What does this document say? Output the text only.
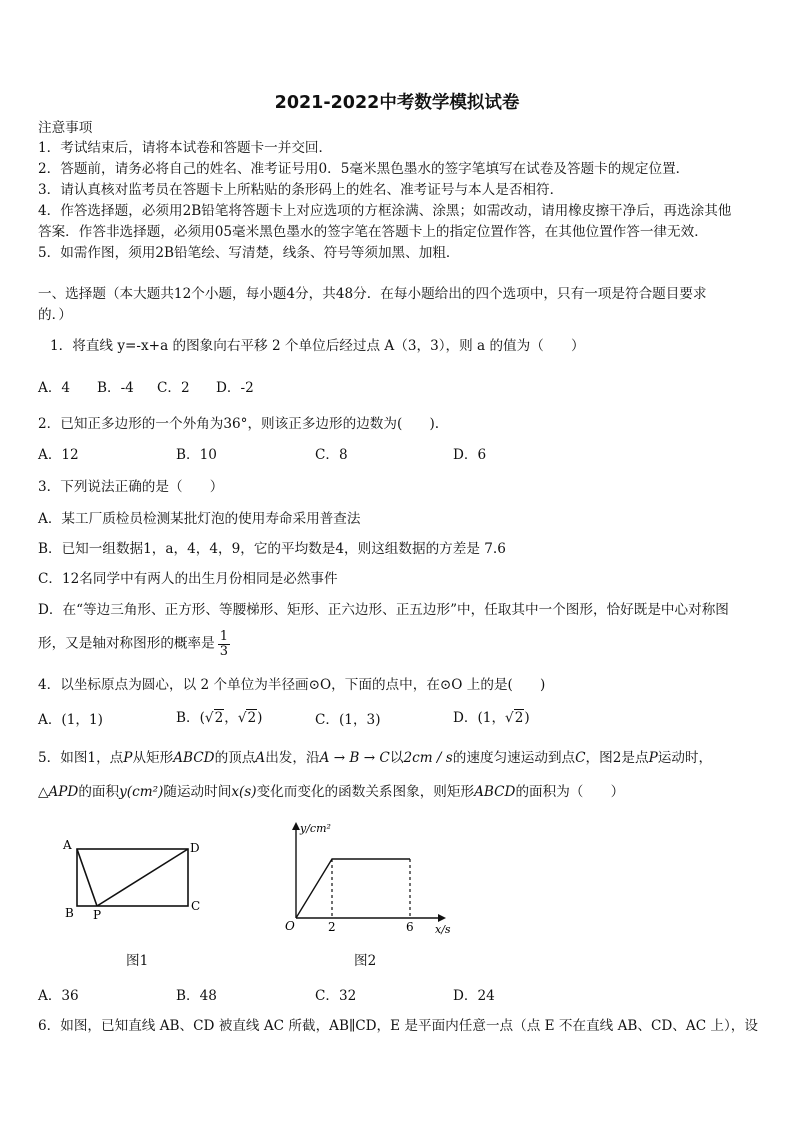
2021-2022中考数学模拟试卷
注意事项
1．考试结束后，请将本试卷和答题卡一并交回．
2．答题前，请务必将自己的姓名、准考证号用0．5毫米黑色墨水的签字笔填写在试卷及答题卡的规定位置．
3．请认真核对监考员在答题卡上所粘贴的条形码上的姓名、准考证号与本人是否相符．
4．作答选择题，必须用2B铅笔将答题卡上对应选项的方框涂满、涂黑；如需改动，请用橡皮擦干净后，再选涂其他
答案．作答非选择题，必须用05毫米黑色墨水的签字笔在答题卡上的指定位置作答，在其他位置作答一律无效．
5．如需作图，须用2B铅笔绘、写清楚，线条、符号等须加黑、加粗．
一、选择题（本大题共12个小题，每小题4分，共48分．在每小题给出的四个选项中，只有一项是符合题目要求
的．）
1．将直线 y=-x+a 的图象向右平移 2 个单位后经过点 A（3，3），则 a 的值为（　　）
A．4 B．-4 C．2 D．-2
2．已知正多边形的一个外角为36°，则该正多边形的边数为(　　).
A．12	B．10	C．8	D．6
3．下列说法正确的是（　　）
A．某工厂质检员检测某批灯泡的使用寿命采用普查法
B．已知一组数据1，a，4，4，9，它的平均数是4，则这组数据的方差是 7.6
C．12名同学中有两人的出生月份相同是必然事件
D．在“等边三角形、正方形、等腰梯形、矩形、正六边形、正五边形”中，任取其中一个图形，恰好既是中心对称图
形，又是轴对称图形的概率是 $\frac{1}{3}$
4．以坐标原点为圆心，以 2 个单位为半径画⊙O，下面的点中，在⊙O 上的是(　　)
A．(1，1)	B．(√2，√2)	C．(1，3)	D．(1，√2)
5．如图1，点P从矩形ABCD的顶点A出发，沿A → B → C以2cm / s的速度匀速运动到点C，图2是点P运动时，
△APD的面积y(cm²)随运动时间x(s)变化而变化的函数关系图象，则矩形ABCD的面积为（　　）
A	D
B P
C
图1
y/cm²
x/s
O	2	6
图2
A．36	B．48	C．32	D．24
6．如图，已知直线 AB、CD 被直线 AC 所截，AB∥CD，E 是平面内任意一点（点 E 不在直线 AB、CD、AC 上），设
